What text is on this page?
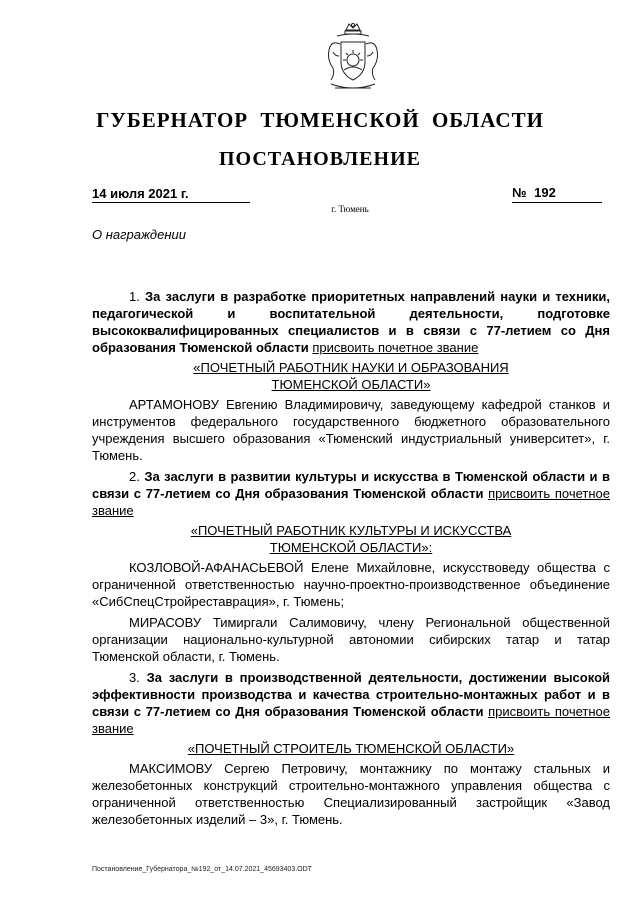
ГУБЕРНАТОР ТЮМЕНСКОЙ ОБЛАСТИ
ПОСТАНОВЛЕНИЕ
14 июля 2021 г.	№ 192
г. Тюмень
О награждении

1. За заслуги в разработке приоритетных направлений науки и техники, педагогической и воспитательной деятельности, подготовке высококвалифицированных специалистов и в связи с 77-летием со Дня образования Тюменской области присвоить почетное звание

«ПОЧЕТНЫЙ РАБОТНИК НАУКИ И ОБРАЗОВАНИЯ
ТЮМЕНСКОЙ ОБЛАСТИ»

АРТАМОНОВУ Евгению Владимировичу, заведующему кафедрой станков и инструментов федерального государственного бюджетного образовательного учреждения высшего образования «Тюменский индустриальный университет», г. Тюмень.

2. За заслуги в развитии культуры и искусства в Тюменской области и в связи с 77-летием со Дня образования Тюменской области присвоить почетное звание

«ПОЧЕТНЫЙ РАБОТНИК КУЛЬТУРЫ И ИСКУССТВА
ТЮМЕНСКОЙ ОБЛАСТИ»:

КОЗЛОВОЙ-АФАНАСЬЕВОЙ Елене Михайловне, искусствоведу общества с ограниченной ответственностью научно-проектно-производственное объединение «СибСпецСтройреставрация», г. Тюмень;

МИРАСОВУ Тимиргали Салимовичу, члену Региональной общественной организации национально-культурной автономии сибирских татар и татар Тюменской области, г. Тюмень.

3. За заслуги в производственной деятельности, достижении высокой эффективности производства и качества строительно-монтажных работ и в связи с 77-летием со Дня образования Тюменской области присвоить почетное звание

«ПОЧЕТНЫЙ СТРОИТЕЛЬ ТЮМЕНСКОЙ ОБЛАСТИ»

МАКСИМОВУ Сергею Петровичу, монтажнику по монтажу стальных и железобетонных конструкций строительно-монтажного управления общества с ограниченной ответственностью Специализированный застройщик «Завод железобетонных изделий – 3», г. Тюмень.

Постановление_Губернатора_№192_от_14.07.2021_45693403.ODT
